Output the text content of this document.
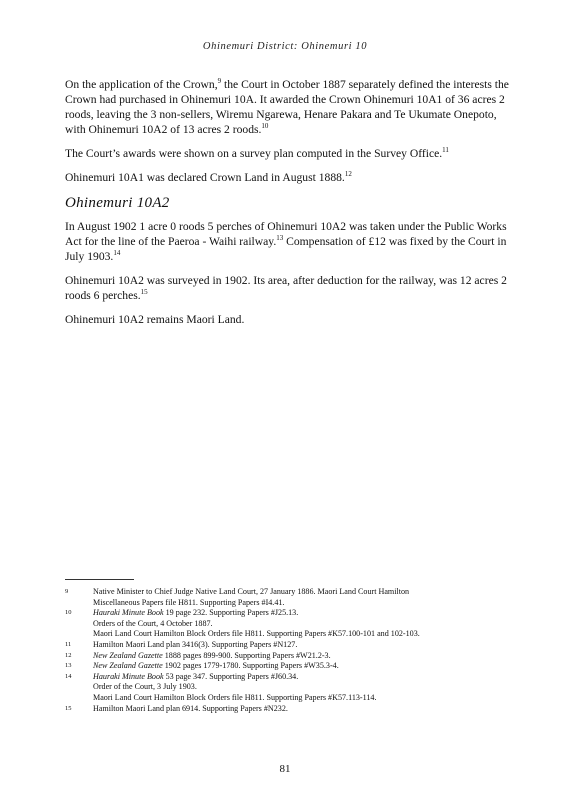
Ohinemuri District: Ohinemuri 10

On the application of the Crown,$^9$ the Court in October 1887 separately defined the interests the Crown had purchased in Ohinemuri 10A. It awarded the Crown Ohinemuri 10A1 of 36 acres 2 roods, leaving the 3 non-sellers, Wiremu Ngarewa, Henare Pakara and Te Ukumate Onepoto, with Ohinemuri 10A2 of 13 acres 2 roods.$^{10}$

The Court’s awards were shown on a survey plan computed in the Survey Office.$^{11}$

Ohinemuri 10A1 was declared Crown Land in August 1888.12

Ohinemuri 10A2

In August 1902 1 acre 0 roods 5 perches of Ohinemuri 10A2 was taken under the Public Works Act for the line of the Paeroa - Waihi railway.$^{13}$ Compensation of £12 was fixed by the Court in July 1903.14

Ohinemuri 10A2 was surveyed in 1902. Its area, after deduction for the railway, was 12 acres 2 roods 6 perches.$^{15}$

Ohinemuri 10A2 remains Maori Land.

9	Native Minister to Chief Judge Native Land Court, 27 January 1886. Maori Land Court Hamilton
Miscellaneous Papers file H811. Supporting Papers #I4.41.
10	Hauraki Minute Book 19 page 232. Supporting Papers #J25.13.
Orders of the Court, 4 October 1887.
Maori Land Court Hamilton Block Orders file H811. Supporting Papers #K57.100-101 and 102-103.
11	Hamilton Maori Land plan 3416(3). Supporting Papers #N127.
12	New Zealand Gazette 1888 pages 899-900. Supporting Papers #W21.2-3.
13	New Zealand Gazette 1902 pages 1779-1780. Supporting Papers #W35.3-4.
14	Hauraki Minute Book 53 page 347. Supporting Papers #J60.34.
Order of the Court, 3 July 1903.
Maori Land Court Hamilton Block Orders file H811. Supporting Papers #K57.113-114.
15	Hamilton Maori Land plan 6914. Supporting Papers #N232.
81
